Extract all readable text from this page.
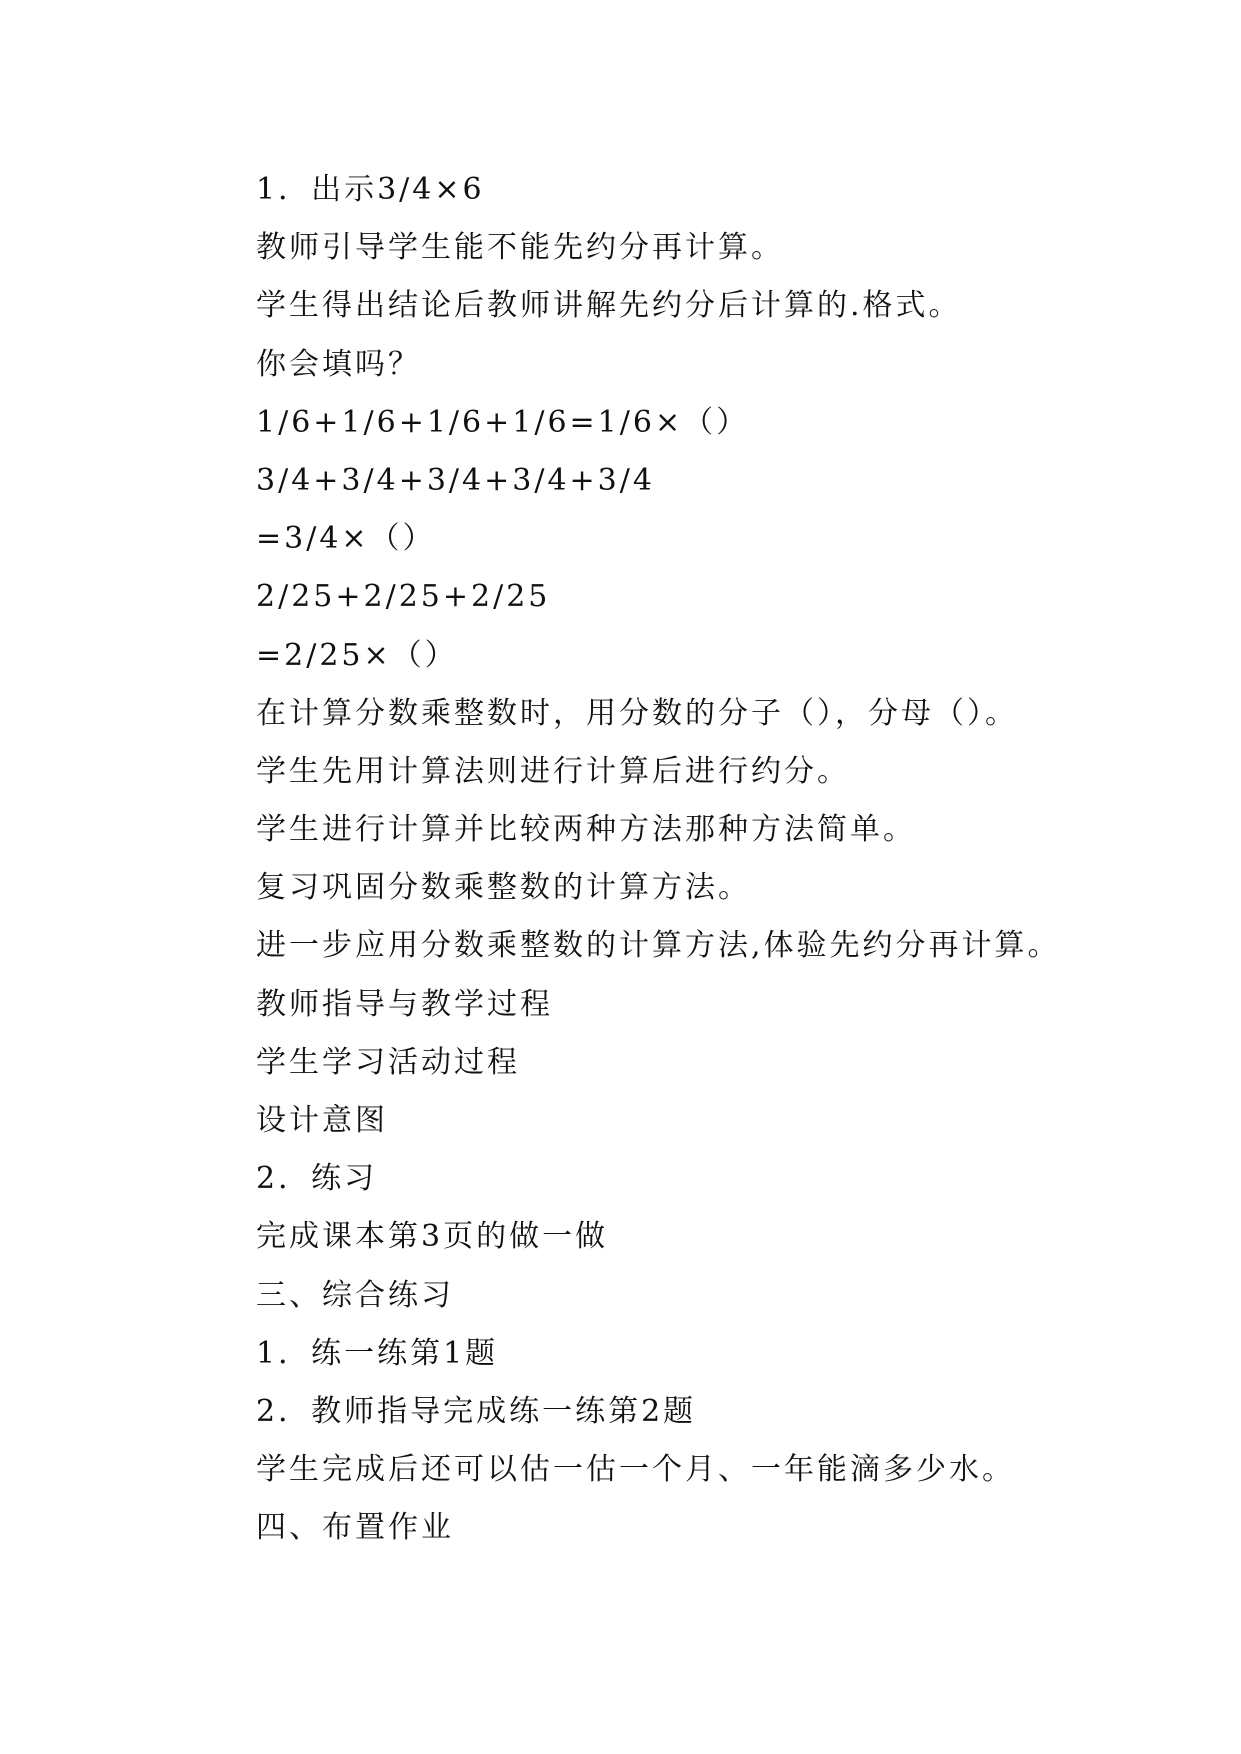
1．出示3/4×6
教师引导学生能不能先约分再计算。
学生得出结论后教师讲解先约分后计算的.格式。
你会填吗？
1/6+1/6+1/6+1/6=1/6×（）
3/4+3/4+3/4+3/4+3/4
=3/4×（）
2/25+2/25+2/25
=2/25×（）
在计算分数乘整数时，用分数的分子（），分母（）。
学生先用计算法则进行计算后进行约分。
学生进行计算并比较两种方法那种方法简单。
复习巩固分数乘整数的计算方法。
进一步应用分数乘整数的计算方法,体验先约分再计算。
教师指导与教学过程
学生学习活动过程
设计意图
2．练习
完成课本第3页的做一做
三、综合练习
1．练一练第1题
2．教师指导完成练一练第2题
学生完成后还可以估一估一个月、一年能滴多少水。
四、布置作业
